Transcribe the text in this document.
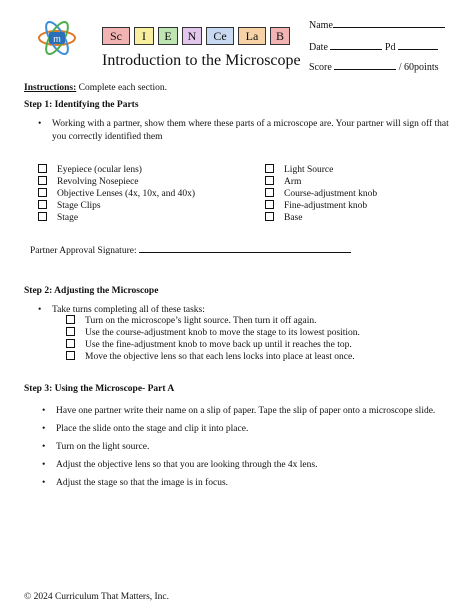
m	Sc	I	E	N	Ce	La	B
Introduction to the Microscope
Name
Date	Pd
Score	/ 60points
Instructions: Complete each section.
Step 1: Identifying the Parts
• Working with a partner, show them where these parts of a microscope are. Your partner will sign off that you correctly identified them
Eyepiece (ocular lens)
Revolving Nosepiece
Objective Lenses (4x, 10x, and 40x)
Stage Clips
Stage
Light Source
Arm
Course-adjustment knob
Fine-adjustment knob
Base
Partner Approval Signature:
Step 2: Adjusting the Microscope
• Take turns completing all of these tasks:
Turn on the microscope’s light source. Then turn it off again.
Use the course-adjustment knob to move the stage to its lowest position.
Use the fine-adjustment knob to move back up until it reaches the top.
Move the objective lens so that each lens locks into place at least once.
Step 3: Using the Microscope- Part A
• Have one partner write their name on a slip of paper. Tape the slip of paper onto a microscope slide.
• Place the slide onto the stage and clip it into place.
• Turn on the light source.
• Adjust the objective lens so that you are looking through the 4x lens.
• Adjust the stage so that the image is in focus.
© 2024 Curriculum That Matters, Inc.
